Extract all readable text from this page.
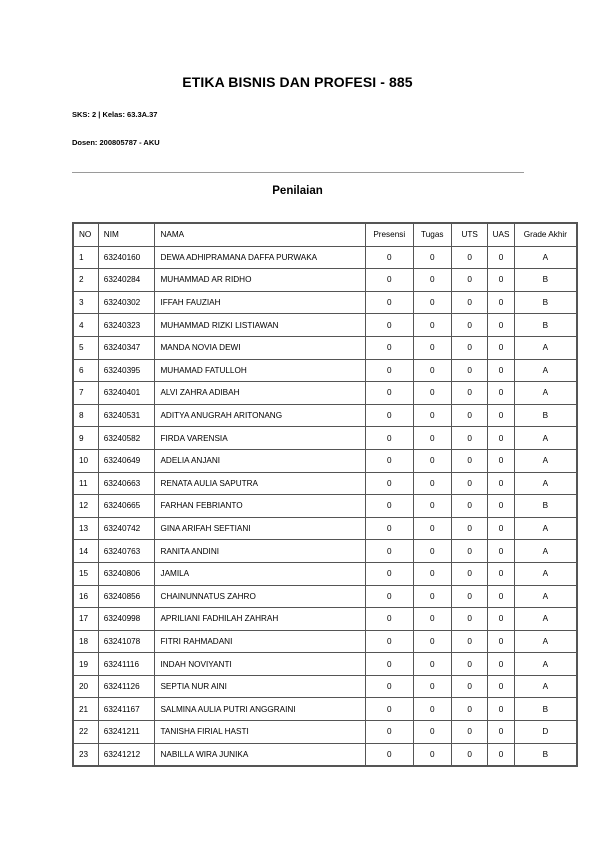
ETIKA BISNIS DAN PROFESI - 885
SKS: 2 | Kelas: 63.3A.37
Dosen: 200805787 - AKU
Penilaian
NO	NIM	NAMA	Presensi	Tugas	UTS	UAS	Grade Akhir
1	63240160	DEWA ADHIPRAMANA DAFFA PURWAKA	0	0	0	0	A
2	63240284	MUHAMMAD AR RIDHO	0	0	0	0	B
3	63240302	IFFAH FAUZIAH	0	0	0	0	B
4	63240323	MUHAMMAD RIZKI LISTIAWAN	0	0	0	0	B
5	63240347	MANDA NOVIA DEWI	0	0	0	0	A
6	63240395	MUHAMAD FATULLOH	0	0	0	0	A
7	63240401	ALVI ZAHRA ADIBAH	0	0	0	0	A
8	63240531	ADITYA ANUGRAH ARITONANG	0	0	0	0	B
9	63240582	FIRDA VARENSIA	0	0	0	0	A
10	63240649	ADELIA ANJANI	0	0	0	0	A
11	63240663	RENATA AULIA SAPUTRA	0	0	0	0	A
12	63240665	FARHAN FEBRIANTO	0	0	0	0	B
13	63240742	GINA ARIFAH SEFTIANI	0	0	0	0	A
14	63240763	RANITA ANDINI	0	0	0	0	A
15	63240806	JAMILA	0	0	0	0	A
16	63240856	CHAINUNNATUS ZAHRO	0	0	0	0	A
17	63240998	APRILIANI FADHILAH ZAHRAH	0	0	0	0	A
18	63241078	FITRI RAHMADANI	0	0	0	0	A
19	63241116	INDAH NOVIYANTI	0	0	0	0	A
20	63241126	SEPTIA NUR AINI	0	0	0	0	A
21	63241167	SALMINA AULIA PUTRI ANGGRAINI	0	0	0	0	B
22	63241211	TANISHA FIRIAL HASTI	0	0	0	0	D
23	63241212	NABILLA WIRA JUNIKA	0	0	0	0	B
